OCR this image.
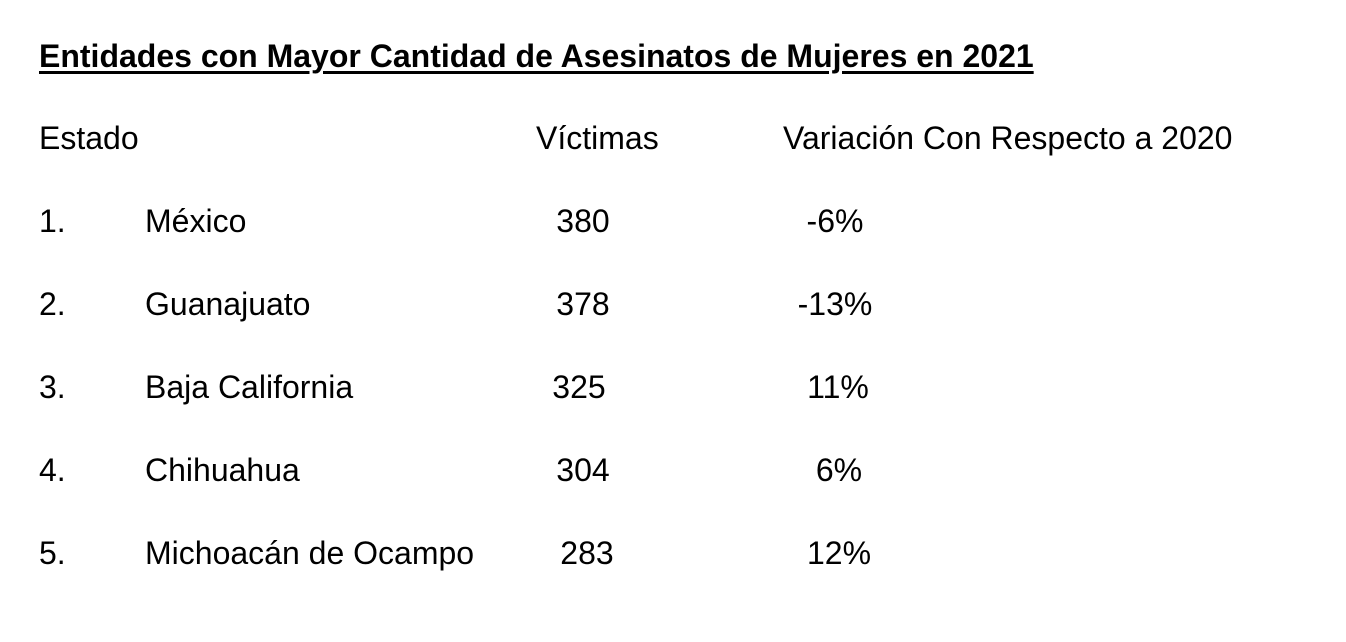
Entidades con Mayor Cantidad de Asesinatos de Mujeres en 2021
Estado	Víctimas	Variación Con Respecto a 2020
1. México	380	-6%
2. Guanajuato	378	-13%
3. Baja California	325	11%
4. Chihuahua	304	6%
5. Michoacán de Ocampo	283	12%
